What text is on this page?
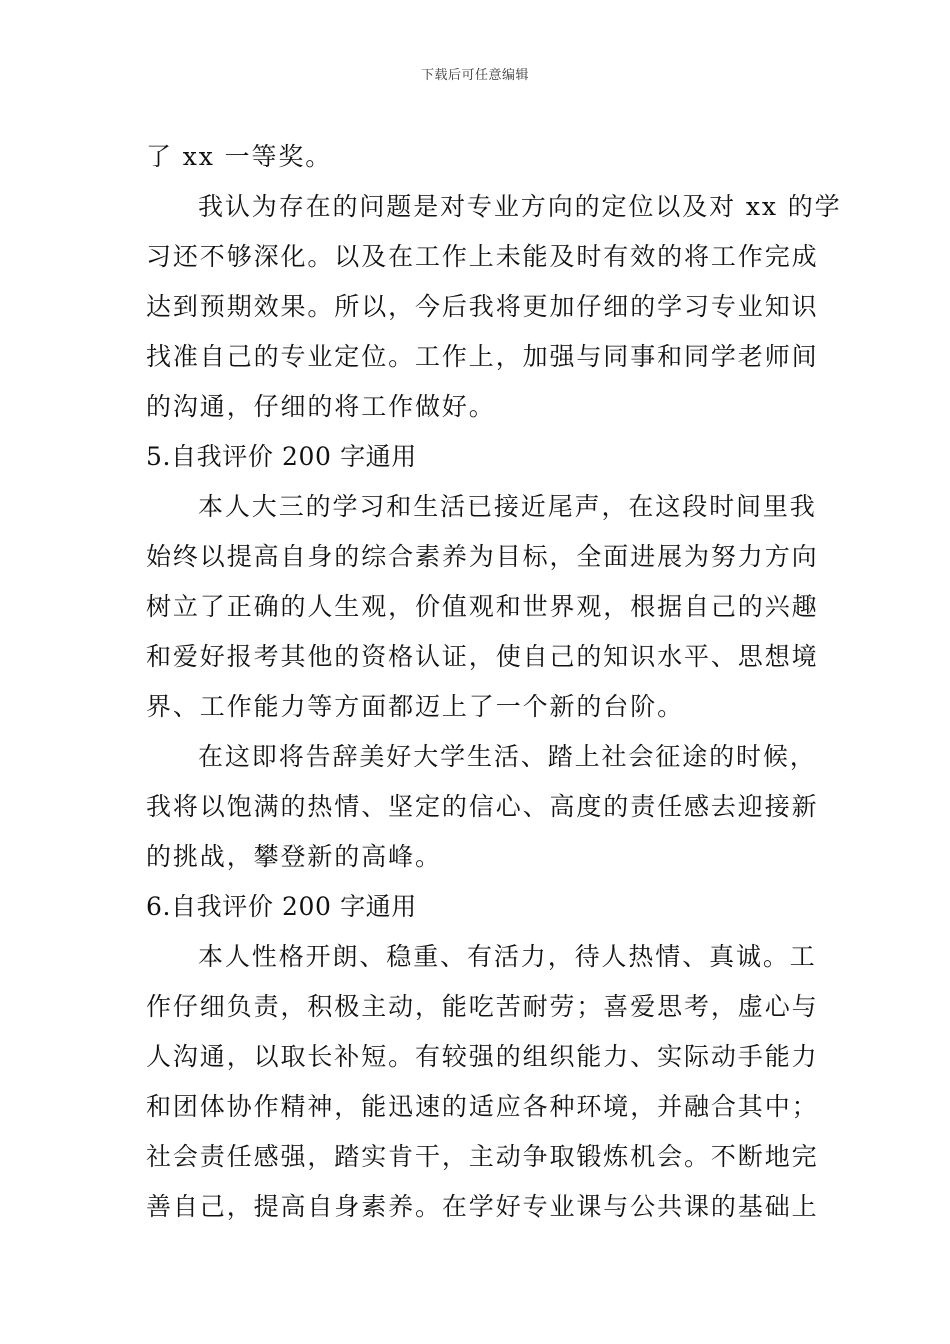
下载后可任意编辑
了 xx 一等奖。
我认为存在的问题是对专业方向的定位以及对 xx 的学
习还不够深化。以及在工作上未能及时有效的将工作完成
达到预期效果。所以，今后我将更加仔细的学习专业知识
找准自己的专业定位。工作上，加强与同事和同学老师间
的沟通，仔细的将工作做好。
5.自我评价 200 字通用
本人大三的学习和生活已接近尾声，在这段时间里我
始终以提高自身的综合素养为目标，全面进展为努力方向
树立了正确的人生观，价值观和世界观，根据自己的兴趣
和爱好报考其他的资格认证，使自己的知识水平、思想境
界、工作能力等方面都迈上了一个新的台阶。
在这即将告辞美好大学生活、踏上社会征途的时候，
我将以饱满的热情、坚定的信心、高度的责任感去迎接新
的挑战，攀登新的高峰。
6.自我评价 200 字通用
本人性格开朗、稳重、有活力，待人热情、真诚。工
作仔细负责，积极主动，能吃苦耐劳；喜爱思考，虚心与
人沟通，以取长补短。有较强的组织能力、实际动手能力
和团体协作精神，能迅速的适应各种环境，并融合其中；
社会责任感强，踏实肯干，主动争取锻炼机会。不断地完
善自己，提高自身素养。在学好专业课与公共课的基础上
